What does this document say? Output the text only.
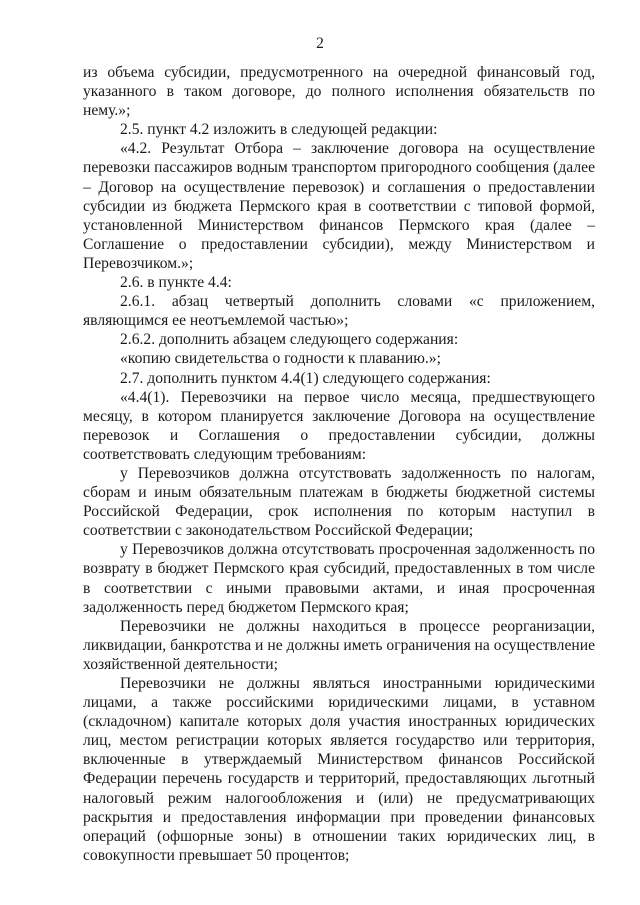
2

из объема субсидии, предусмотренного на очередной финансовый год, указанного в таком договоре, до полного исполнения обязательств по нему.»;

2.5. пункт 4.2 изложить в следующей редакции:

«4.2. Результат Отбора – заключение договора на осуществление перевозки пассажиров водным транспортом пригородного сообщения (далее – Договор на осуществление перевозок) и соглашения о предоставлении субсидии из бюджета Пермского края в соответствии с типовой формой, установленной Министерством финансов Пермского края (далее – Соглашение о предоставлении субсидии), между Министерством и Перевозчиком.»;

2.6. в пункте 4.4:

2.6.1. абзац четвертый дополнить словами «с приложением, являющимся ее неотъемлемой частью»;

2.6.2. дополнить абзацем следующего содержания:

«копию свидетельства о годности к плаванию.»;

2.7. дополнить пунктом 4.4(1) следующего содержания:

«4.4(1). Перевозчики на первое число месяца, предшествующего месяцу, в котором планируется заключение Договора на осуществление перевозок и Соглашения о предоставлении субсидии, должны соответствовать следующим требованиям:

у Перевозчиков должна отсутствовать задолженность по налогам, сборам и иным обязательным платежам в бюджеты бюджетной системы Российской Федерации, срок исполнения по которым наступил в соответствии с законодательством Российской Федерации;

у Перевозчиков должна отсутствовать просроченная задолженность по возврату в бюджет Пермского края субсидий, предоставленных в том числе в соответствии с иными правовыми актами, и иная просроченная задолженность перед бюджетом Пермского края;

Перевозчики не должны находиться в процессе реорганизации, ликвидации, банкротства и не должны иметь ограничения на осуществление хозяйственной деятельности;

Перевозчики не должны являться иностранными юридическими лицами, а также российскими юридическими лицами, в уставном (складочном) капитале которых доля участия иностранных юридических лиц, местом регистрации которых является государство или территория, включенные в утверждаемый Министерством финансов Российской Федерации перечень государств и территорий, предоставляющих льготный налоговый режим налогообложения и (или) не предусматривающих раскрытия и предоставления информации при проведении финансовых операций (офшорные зоны) в отношении таких юридических лиц, в совокупности превышает 50 процентов;
